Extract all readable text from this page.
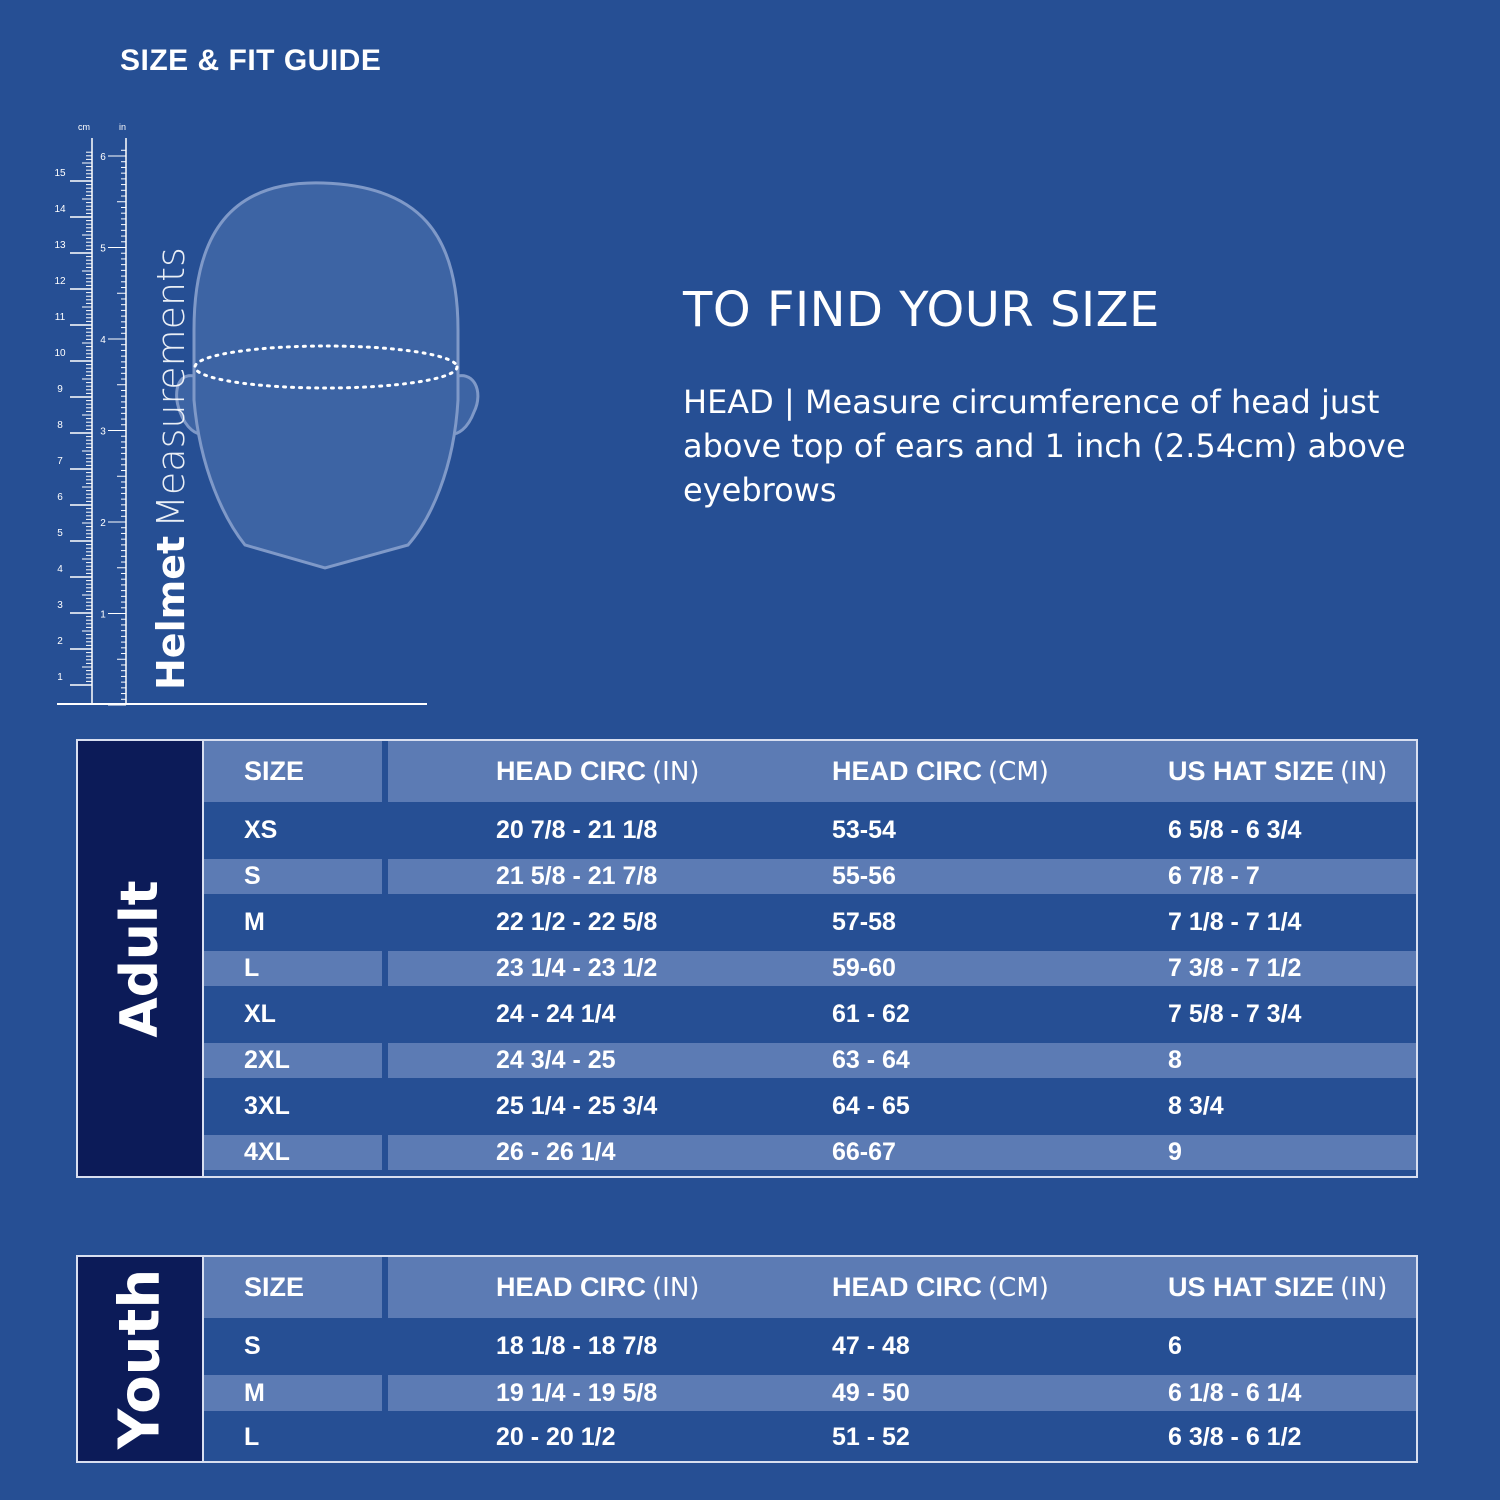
SIZE & FIT GUIDE
cm	in
1
2
3
4
5
6
7
8
9
10
11
12
13
14
15
1
2
3
4
5
6
HelmetMeasurements	TO FIND YOUR SIZE
HEAD | Measure circumference of head just above top of ears and 1 inch (2.54cm) above eyebrows
Adult
SIZE	HEAD CIRC (IN)	HEAD CIRC (CM)	US HAT SIZE (IN)
XS	20 7/8 - 21 1/8	53-54	6 5/8 - 6 3/4
S	21 5/8 - 21 7/8	55-56	6 7/8 - 7
M	22 1/2 - 22 5/8	57-58	7 1/8 - 7 1/4
L	23 1/4 - 23 1/2	59-60	7 3/8 - 7 1/2
XL	24 - 24 1/4	61 - 62	7 5/8 - 7 3/4
2XL	24 3/4 - 25	63 - 64	8
3XL	25 1/4 - 25 3/4	64 - 65	8 3/4
4XL	26 - 26 1/4	66-67	9
Youth	SIZE	HEAD CIRC (IN)	HEAD CIRC (CM)	US HAT SIZE (IN)
S	18 1/8 - 18 7/8	47 - 48	6
M	19 1/4 - 19 5/8	49 - 50	6 1/8 - 6 1/4
L	20 - 20 1/2	51 - 52	6 3/8 - 6 1/2
